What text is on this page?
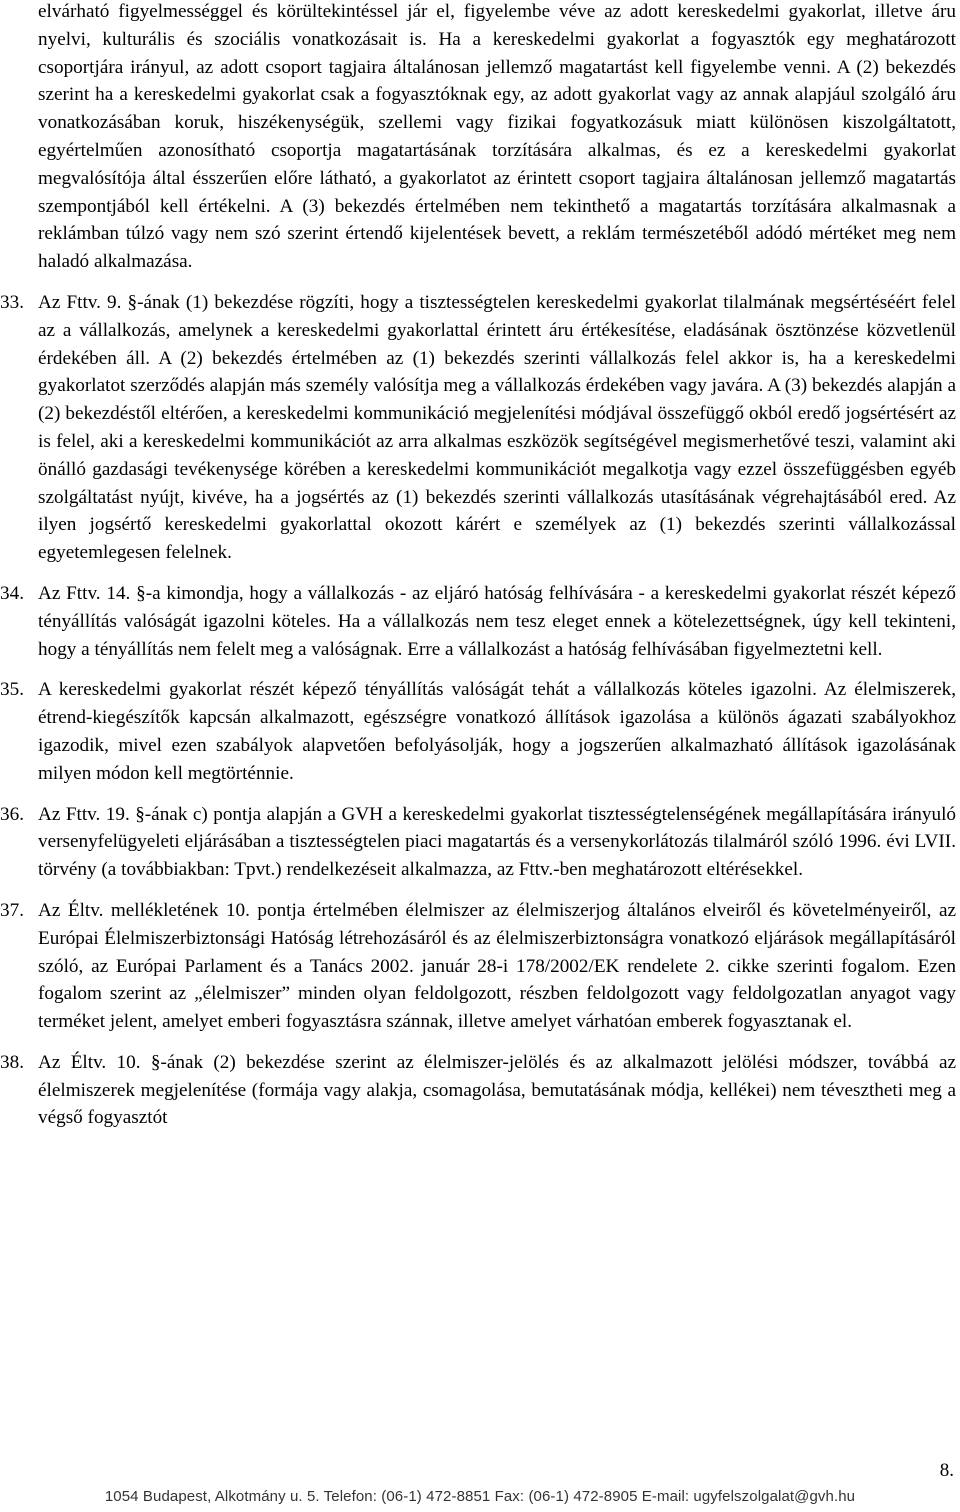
elvárható figyelmességgel és körültekintéssel jár el, figyelembe véve az adott kereskedelmi gyakorlat, illetve áru nyelvi, kulturális és szociális vonatkozásait is. Ha a kereskedelmi gyakorlat a fogyasztók egy meghatározott csoportjára irányul, az adott csoport tagjaira általánosan jellemző magatartást kell figyelembe venni. A (2) bekezdés szerint ha a kereskedelmi gyakorlat csak a fogyasztóknak egy, az adott gyakorlat vagy az annak alapjául szolgáló áru vonatkozásában koruk, hiszékenységük, szellemi vagy fizikai fogyatkozásuk miatt különösen kiszolgáltatott, egyértelműen azonosítható csoportja magatartásának torzítására alkalmas, és ez a kereskedelmi gyakorlat megvalósítója által ésszerűen előre látható, a gyakorlatot az érintett csoport tagjaira általánosan jellemző magatartás szempontjából kell értékelni. A (3) bekezdés értelmében nem tekinthető a magatartás torzítására alkalmasnak a reklámban túlzó vagy nem szó szerint értendő kijelentések bevett, a reklám természetéből adódó mértéket meg nem haladó alkalmazása.

33. Az Fttv. 9. §-ának (1) bekezdése rögzíti, hogy a tisztességtelen kereskedelmi gyakorlat tilalmának megsértéséért felel az a vállalkozás, amelynek a kereskedelmi gyakorlattal érintett áru értékesítése, eladásának ösztönzése közvetlenül érdekében áll. A (2) bekezdés értelmében az (1) bekezdés szerinti vállalkozás felel akkor is, ha a kereskedelmi gyakorlatot szerződés alapján más személy valósítja meg a vállalkozás érdekében vagy javára. A (3) bekezdés alapján a (2) bekezdéstől eltérően, a kereskedelmi kommunikáció megjelenítési módjával összefüggő okból eredő jogsértésért az is felel, aki a kereskedelmi kommunikációt az arra alkalmas eszközök segítségével megismerhetővé teszi, valamint aki önálló gazdasági tevékenysége körében a kereskedelmi kommunikációt megalkotja vagy ezzel összefüggésben egyéb szolgáltatást nyújt, kivéve, ha a jogsértés az (1) bekezdés szerinti vállalkozás utasításának végrehajtásából ered. Az ilyen jogsértő kereskedelmi gyakorlattal okozott kárért e személyek az (1) bekezdés szerinti vállalkozással egyetemlegesen felelnek.

34. Az Fttv. 14. §-a kimondja, hogy a vállalkozás - az eljáró hatóság felhívására - a kereskedelmi gyakorlat részét képező tényállítás valóságát igazolni köteles. Ha a vállalkozás nem tesz eleget ennek a kötelezettségnek, úgy kell tekinteni, hogy a tényállítás nem felelt meg a valóságnak. Erre a vállalkozást a hatóság felhívásában figyelmeztetni kell.

35. A kereskedelmi gyakorlat részét képező tényállítás valóságát tehát a vállalkozás köteles igazolni. Az élelmiszerek, étrend-kiegészítők kapcsán alkalmazott, egészségre vonatkozó állítások igazolása a különös ágazati szabályokhoz igazodik, mivel ezen szabályok alapvetően befolyásolják, hogy a jogszerűen alkalmazható állítások igazolásának milyen módon kell megtörténnie.

36. Az Fttv. 19. §-ának c) pontja alapján a GVH a kereskedelmi gyakorlat tisztességtelenségének megállapítására irányuló versenyfelügyeleti eljárásában a tisztességtelen piaci magatartás és a versenykorlátozás tilalmáról szóló 1996. évi LVII. törvény (a továbbiakban: Tpvt.) rendelkezéseit alkalmazza, az Fttv.-ben meghatározott eltérésekkel.

37. Az Éltv. mellékletének 10. pontja értelmében élelmiszer az élelmiszerjog általános elveiről és követelményeiről, az Európai Élelmiszerbiztonsági Hatóság létrehozásáról és az élelmiszerbiztonságra vonatkozó eljárások megállapításáról szóló, az Európai Parlament és a Tanács 2002. január 28-i 178/2002/EK rendelete 2. cikke szerinti fogalom. Ezen fogalom szerint az „élelmiszer” minden olyan feldolgozott, részben feldolgozott vagy feldolgozatlan anyagot vagy terméket jelent, amelyet emberi fogyasztásra szánnak, illetve amelyet várhatóan emberek fogyasztanak el.

38. Az Éltv. 10. §-ának (2) bekezdése szerint az élelmiszer-jelölés és az alkalmazott jelölési módszer, továbbá az élelmiszerek megjelenítése (formája vagy alakja, csomagolása, bemutatásának módja, kellékei) nem tévesztheti meg a végső fogyasztót

8.
1054 Budapest, Alkotmány u. 5. Telefon: (06-1) 472-8851 Fax: (06-1) 472-8905 E-mail: ugyfelszolgalat@gvh.hu
